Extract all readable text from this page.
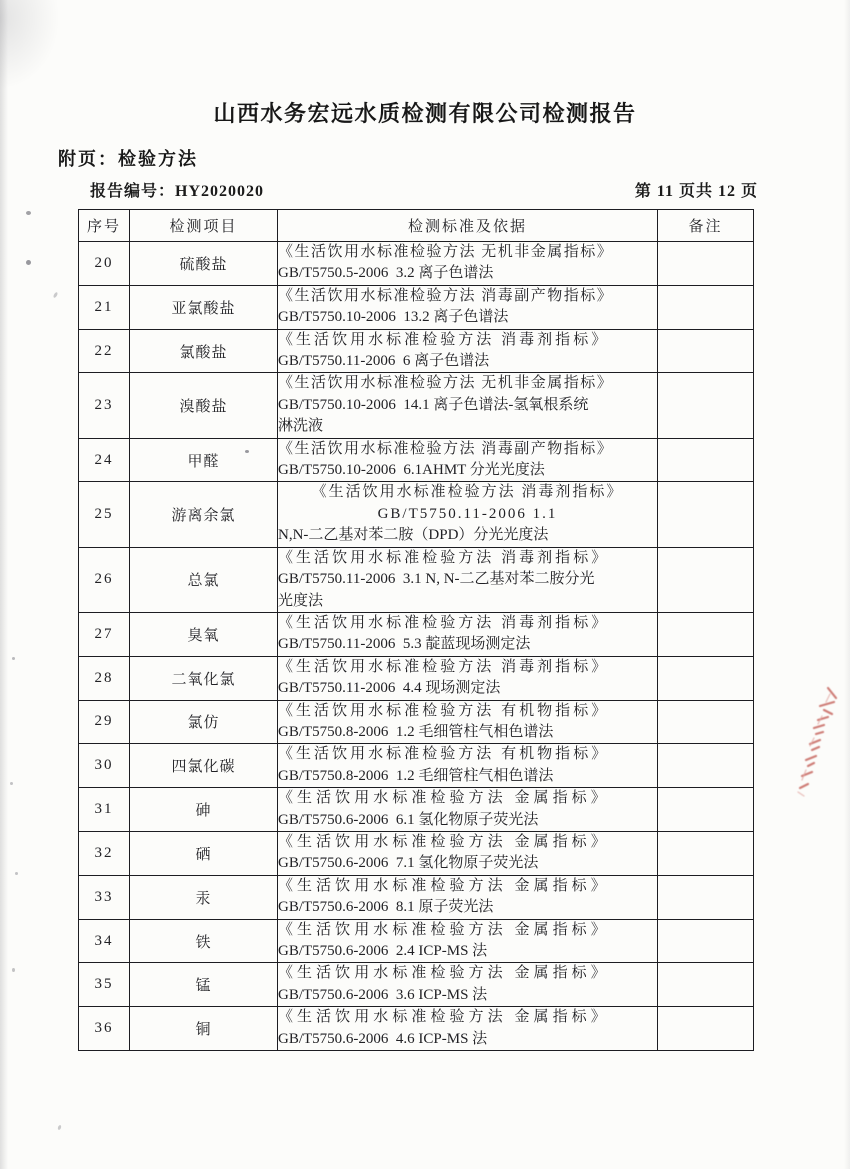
山西水务宏远水质检测有限公司检测报告
附页：检验方法
报告编号：HY2020020	第 11 页共 12 页
序号	检测项目	检测标准及依据	备注
20	硫酸盐	《生活饮用水标准检验方法 无机非金属指标》
GB/T5750.5-2006  3.2 离子色谱法	

21	亚氯酸盐	《生活饮用水标准检验方法 消毒副产物指标》
GB/T5750.10-2006  13.2 离子色谱法	

22	氯酸盐	《生活饮用水标准检验方法 消毒剂指标》
GB/T5750.11-2006  6 离子色谱法	

23	溴酸盐	《生活饮用水标准检验方法 无机非金属指标》
GB/T5750.10-2006  14.1 离子色谱法-氢氧根系统
淋洗液	

24	甲醛	《生活饮用水标准检验方法 消毒副产物指标》
GB/T5750.10-2006  6.1AHMT 分光光度法	

25	游离余氯	《生活饮用水标准检验方法 消毒剂指标》
GB/T5750.11-2006 1.1
N,N-二乙基对苯二胺（DPD）分光光度法	

26	总氯	《生活饮用水标准检验方法 消毒剂指标》
GB/T5750.11-2006  3.1 N, N-二乙基对苯二胺分光
光度法	

27	臭氧	《生活饮用水标准检验方法 消毒剂指标》
GB/T5750.11-2006  5.3 靛蓝现场测定法	

28	二氧化氯	《生活饮用水标准检验方法 消毒剂指标》
GB/T5750.11-2006  4.4 现场测定法	

29	氯仿	《生活饮用水标准检验方法 有机物指标》
GB/T5750.8-2006  1.2 毛细管柱气相色谱法	

30	四氯化碳	《生活饮用水标准检验方法 有机物指标》
GB/T5750.8-2006  1.2 毛细管柱气相色谱法	

31	砷	《生活饮用水标准检验方法 金属指标》
GB/T5750.6-2006  6.1 氢化物原子荧光法	

32	硒	《生活饮用水标准检验方法 金属指标》
GB/T5750.6-2006  7.1 氢化物原子荧光法	

33	汞	《生活饮用水标准检验方法 金属指标》
GB/T5750.6-2006  8.1 原子荧光法	

34	铁	《生活饮用水标准检验方法 金属指标》
GB/T5750.6-2006  2.4 ICP-MS 法	

35	锰	《生活饮用水标准检验方法 金属指标》
GB/T5750.6-2006  3.6 ICP-MS 法	

36	铜	《生活饮用水标准检验方法 金属指标》
GB/T5750.6-2006  4.6 ICP-MS 法	
